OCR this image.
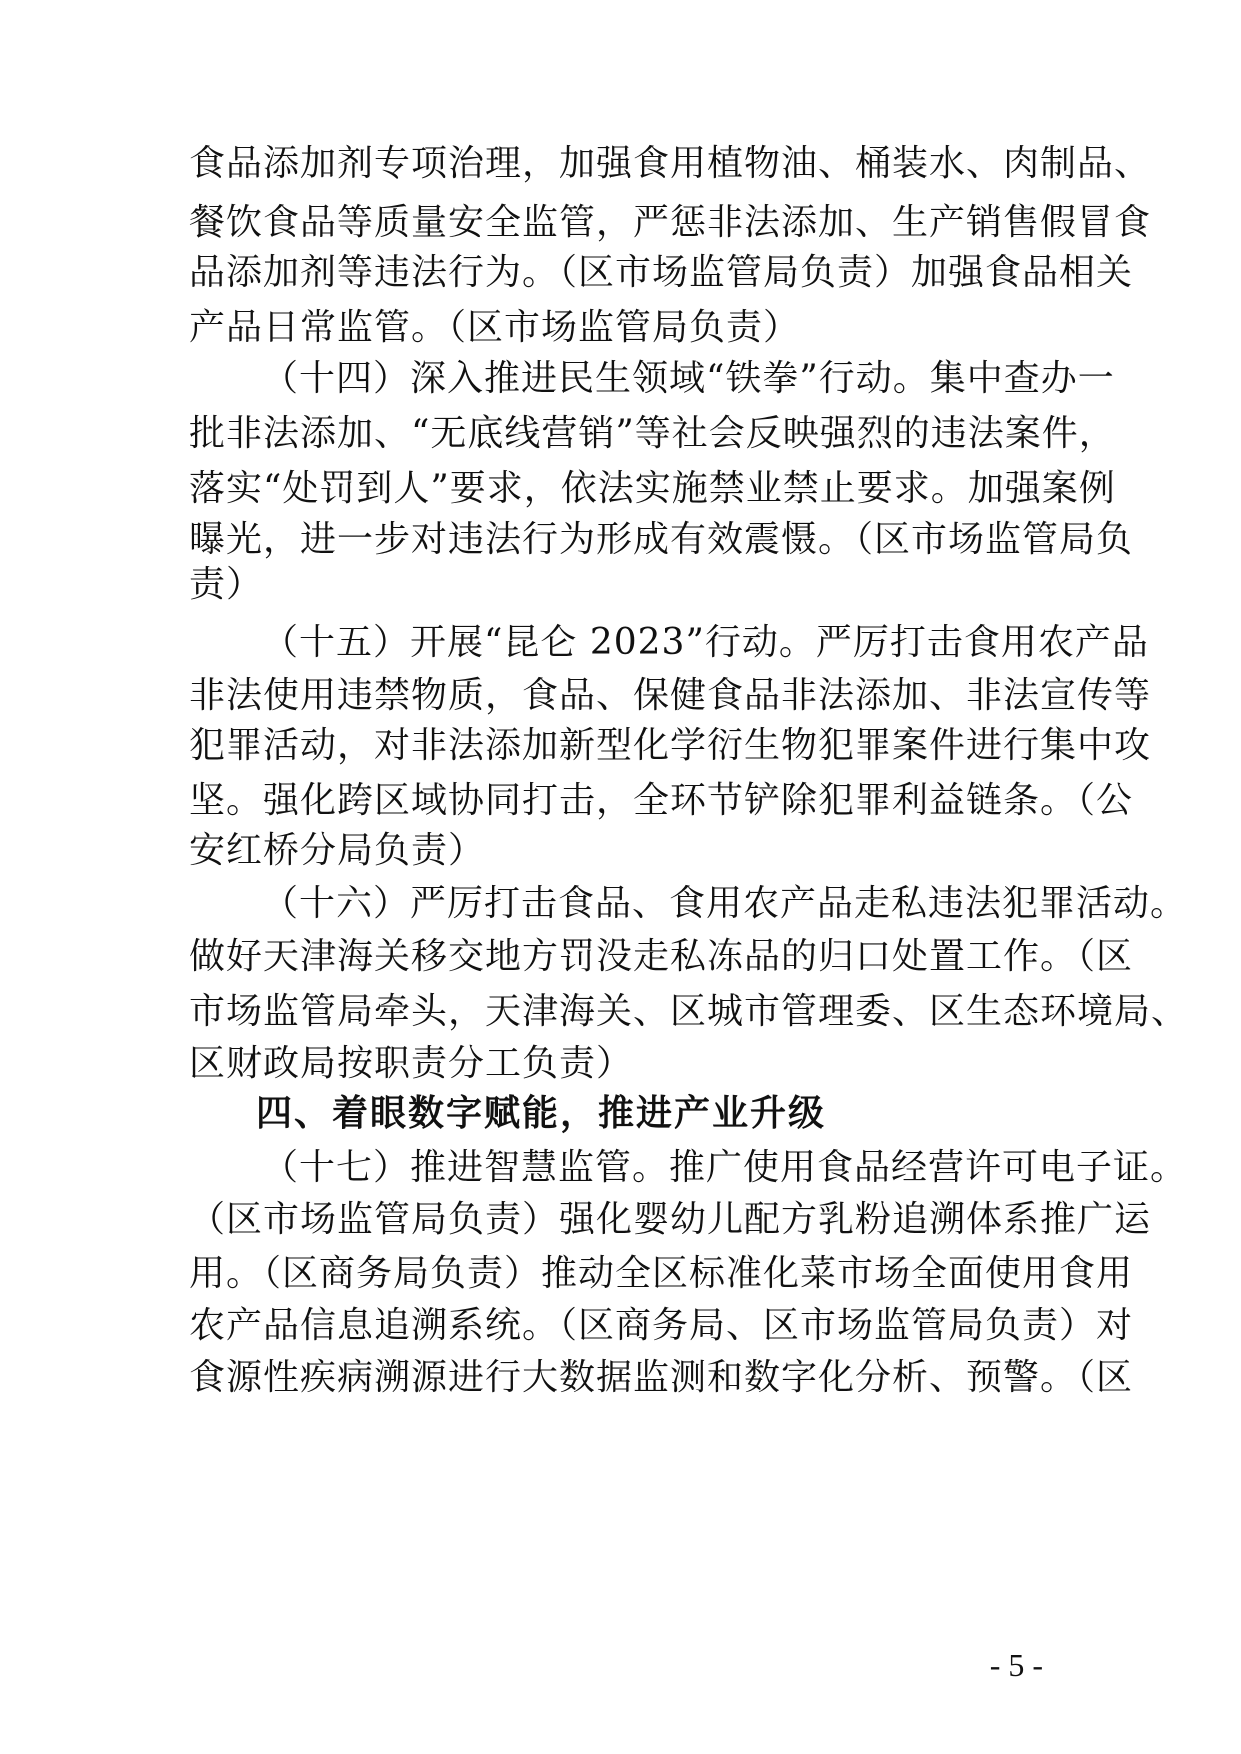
食品添加剂专项治理，加强食用植物油、桶装水、肉制品、
餐饮食品等质量安全监管，严惩非法添加、生产销售假冒食
品添加剂等违法行为。（区市场监管局负责）加强食品相关
产品日常监管。（区市场监管局负责）
（十四）深入推进民生领域“铁拳”行动。集中查办一
批非法添加、“无底线营销”等社会反映强烈的违法案件，
落实“处罚到人”要求，依法实施禁业禁止要求。加强案例
曝光，进一步对违法行为形成有效震慑。（区市场监管局负
责）
（十五）开展“昆仑 2023”行动。严厉打击食用农产品
非法使用违禁物质，食品、保健食品非法添加、非法宣传等
犯罪活动，对非法添加新型化学衍生物犯罪案件进行集中攻
坚。强化跨区域协同打击，全环节铲除犯罪利益链条。（公
安红桥分局负责）
（十六）严厉打击食品、食用农产品走私违法犯罪活动。
做好天津海关移交地方罚没走私冻品的归口处置工作。（区
市场监管局牵头，天津海关、区城市管理委、区生态环境局、
区财政局按职责分工负责）
四、着眼数字赋能，推进产业升级
（十七）推进智慧监管。推广使用食品经营许可电子证。
（区市场监管局负责）强化婴幼儿配方乳粉追溯体系推广运
用。（区商务局负责）推动全区标准化菜市场全面使用食用
农产品信息追溯系统。（区商务局、区市场监管局负责）对
食源性疾病溯源进行大数据监测和数字化分析、预警。（区
- 5 -
